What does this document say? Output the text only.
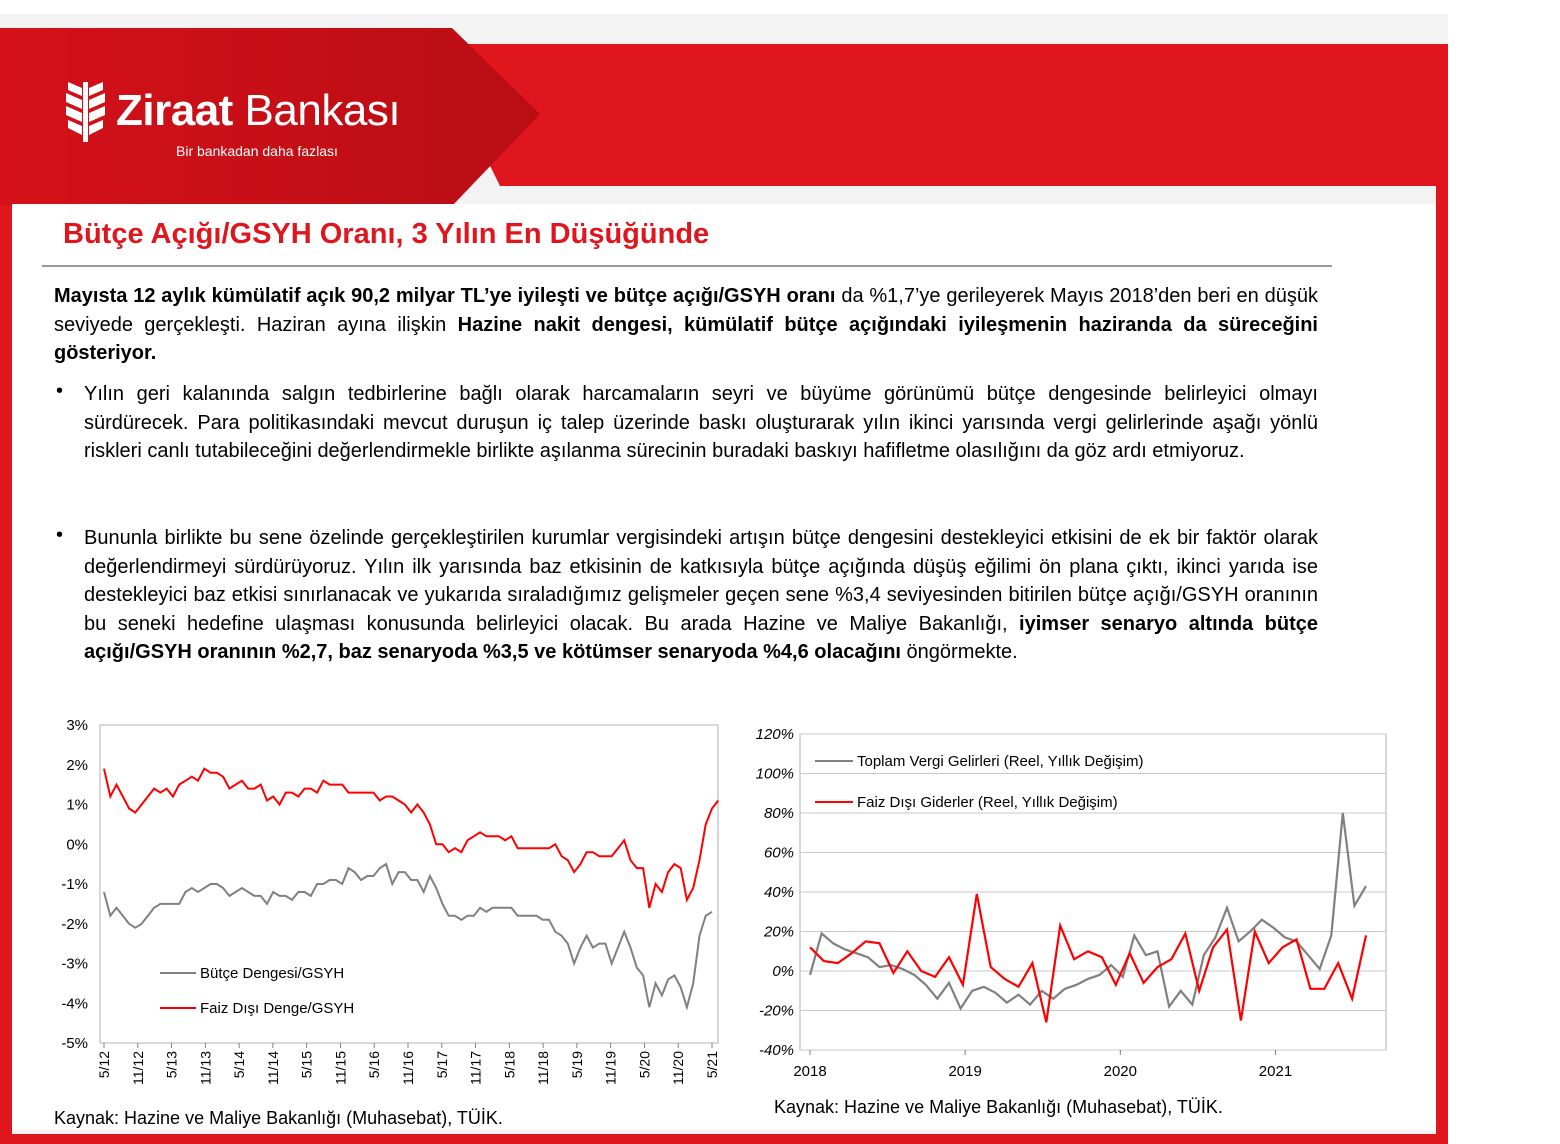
Ziraat Bankası
Bir bankadan daha fazlası
Bütçe Açığı/GSYH Oranı, 3 Yılın En Düşüğünde
Mayısta 12 aylık kümülatif açık 90,2 milyar TL’ye iyileşti ve bütçe açığı/GSYH oranı da %1,7’ye gerileyerek Mayıs 2018’den beri en düşük seviyede gerçekleşti. Haziran ayına ilişkin Hazine nakit dengesi, kümülatif bütçe açığındaki iyileşmenin haziranda da süreceğini gösteriyor.
• Yılın geri kalanında salgın tedbirlerine bağlı olarak harcamaların seyri ve büyüme görünümü bütçe dengesinde belirleyici olmayı sürdürecek. Para politikasındaki mevcut duruşun iç talep üzerinde baskı oluşturarak yılın ikinci yarısında vergi gelirlerinde aşağı yönlü riskleri canlı tutabileceğini değerlendirmekle birlikte aşılanma sürecinin buradaki baskıyı hafifletme olasılığını da göz ardı etmiyoruz.
• Bununla birlikte bu sene özelinde gerçekleştirilen kurumlar vergisindeki artışın bütçe dengesini destekleyici etkisini de ek bir faktör olarak değerlendirmeyi sürdürüyoruz. Yılın ilk yarısında baz etkisinin de katkısıyla bütçe açığında düşüş eğilimi ön plana çıktı, ikinci yarıda ise destekleyici baz etkisi sınırlanacak ve yukarıda sıraladığımız gelişmeler geçen sene %3,4 seviyesinden bitirilen bütçe açığı/GSYH oranının bu seneki hedefine ulaşması konusunda belirleyici olacak. Bu arada Hazine ve Maliye Bakanlığı, iyimser senaryo altında bütçe açığı/GSYH oranının %2,7, baz senaryoda %3,5 ve kötümser senaryoda %4,6 olacağını öngörmekte.
3%
2%
1%
0%
-1%
-2%
-3%
-4%
-5%
5/12 11/12 5/13 11/13 5/14 11/14 5/15 11/15 5/16 11/16 5/17 11/17 5/18 11/18 5/19 11/19 5/20 11/20 5/21
Bütçe Dengesi/GSYH
Faiz Dışı Denge/GSYH
Kaynak: Hazine ve Maliye Bakanlığı (Muhasebat), TÜİK.
120%
100%
80%
60%
40%
20%
0%
-20%
-40%
2018	2019	2020	2021
Toplam Vergi Gelirleri (Reel, Yıllık Değişim)
Faiz Dışı Giderler (Reel, Yıllık Değişim)
Kaynak: Hazine ve Maliye Bakanlığı (Muhasebat), TÜİK.
